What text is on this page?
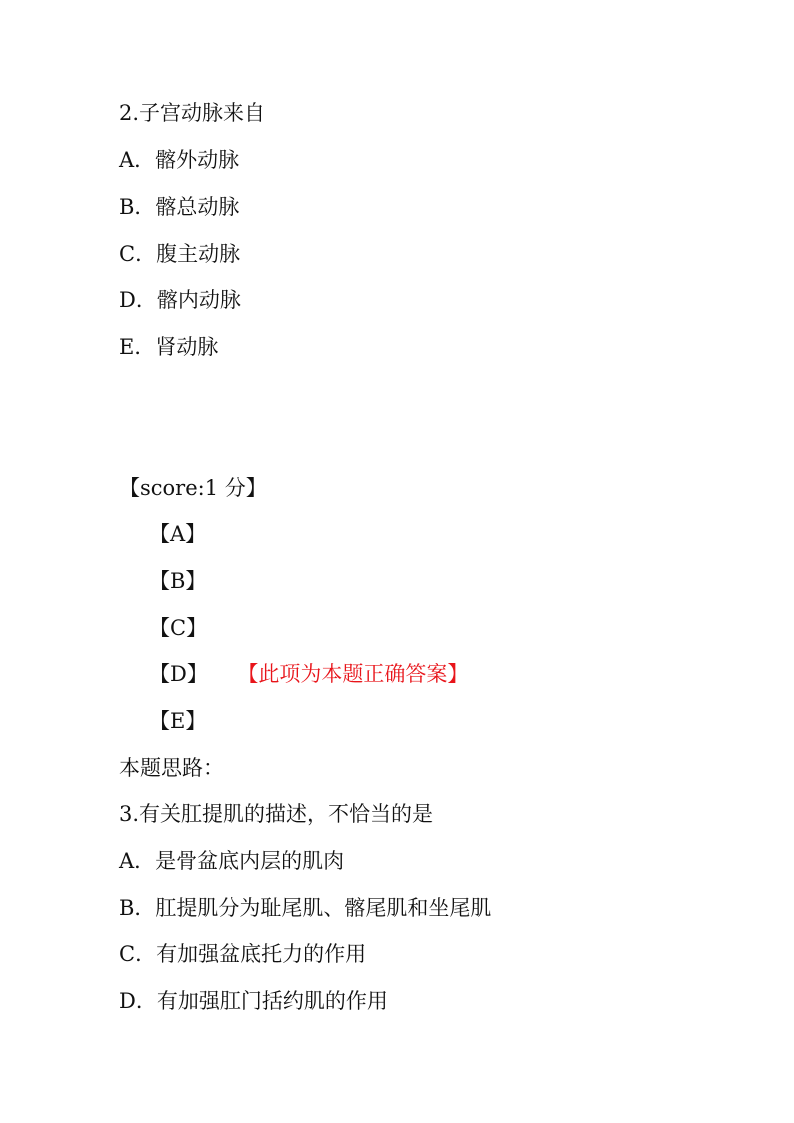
2.子宫动脉来自
A．髂外动脉
B．髂总动脉
C．腹主动脉
D．髂内动脉
E．肾动脉
【score:1 分】
【A】
【B】
【C】
【D】 【此项为本题正确答案】
【E】
本题思路：
3.有关肛提肌的描述，不恰当的是
A．是骨盆底内层的肌肉
B．肛提肌分为耻尾肌、髂尾肌和坐尾肌
C．有加强盆底托力的作用
D．有加强肛门括约肌的作用
